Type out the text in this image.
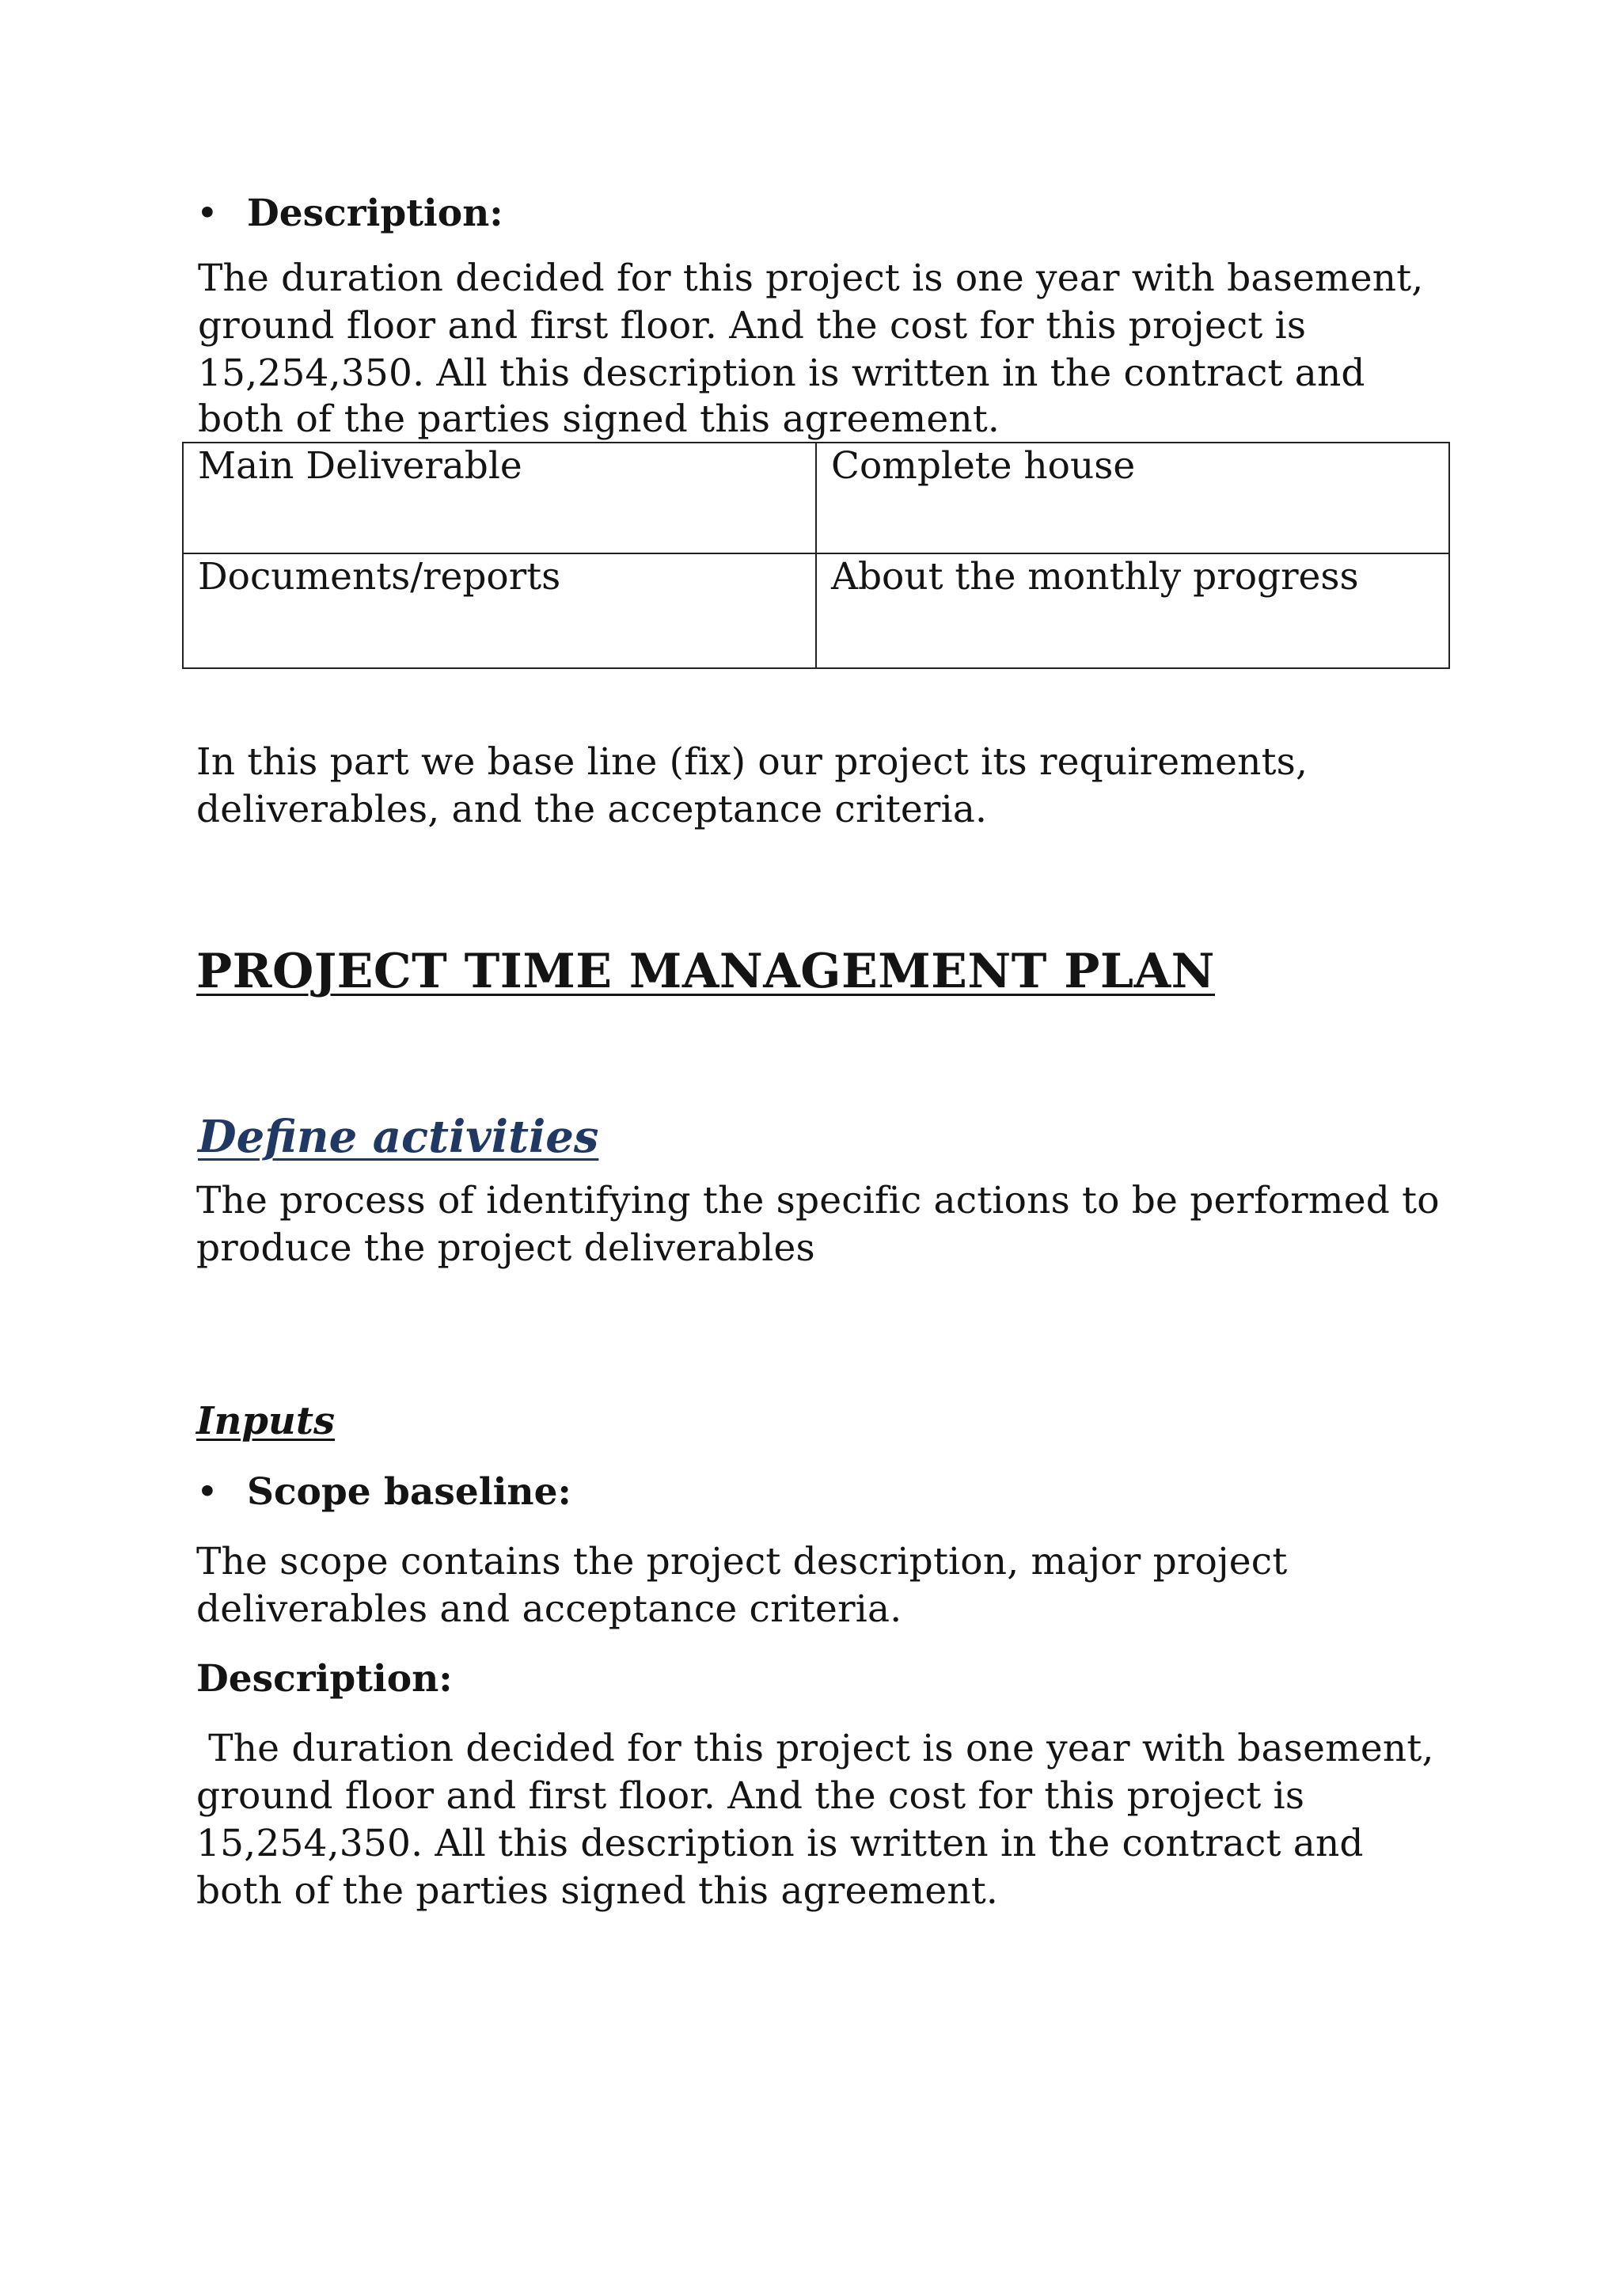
• Description:

The duration decided for this project is one year with basement,

ground floor and first floor. And the cost for this project is

15,254,350. All this description is written in the contract and

both of the parties signed this agreement.

Main Deliverable	Complete house
Documents/reports	About the monthly progress

In this part we base line (fix) our project its requirements,

deliverables, and the acceptance criteria.

PROJECT TIME MANAGEMENT PLAN
Define activities

The process of identifying the specific actions to be performed to

produce the project deliverables

Inputs
• Scope baseline:

The scope contains the project description, major project

deliverables and acceptance criteria.

Description:

The duration decided for this project is one year with basement,

ground floor and first floor. And the cost for this project is

15,254,350. All this description is written in the contract and

both of the parties signed this agreement.
